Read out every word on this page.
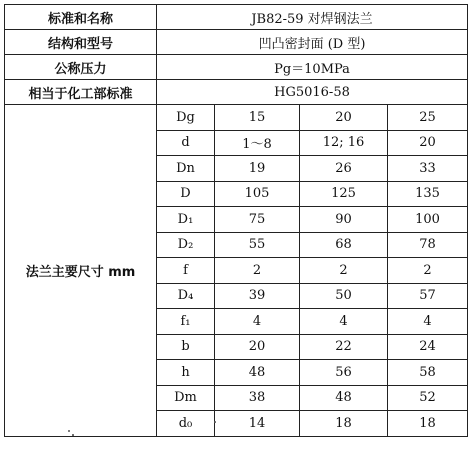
标准和名称	JB82-59 对焊钢法兰			
结构和型号	凹凸密封面 (D 型)			
公称压力	Pg＝10MPa			
相当于化工部标准	HG5016-58			
法兰主要尺寸 mm	Dg	15	20	25
	d	1～8	12; 16	20
	Dn	19	26	33
	D	105	125	135
	D₁	75	90	100
	D₂	55	68	78
	f	2	2	2
	D₄	39	50	57
	f₁	4	4	4
	b	20	22	24
	h	48	56	58
	Dm	38	48	52
	d₀	14	18	18
